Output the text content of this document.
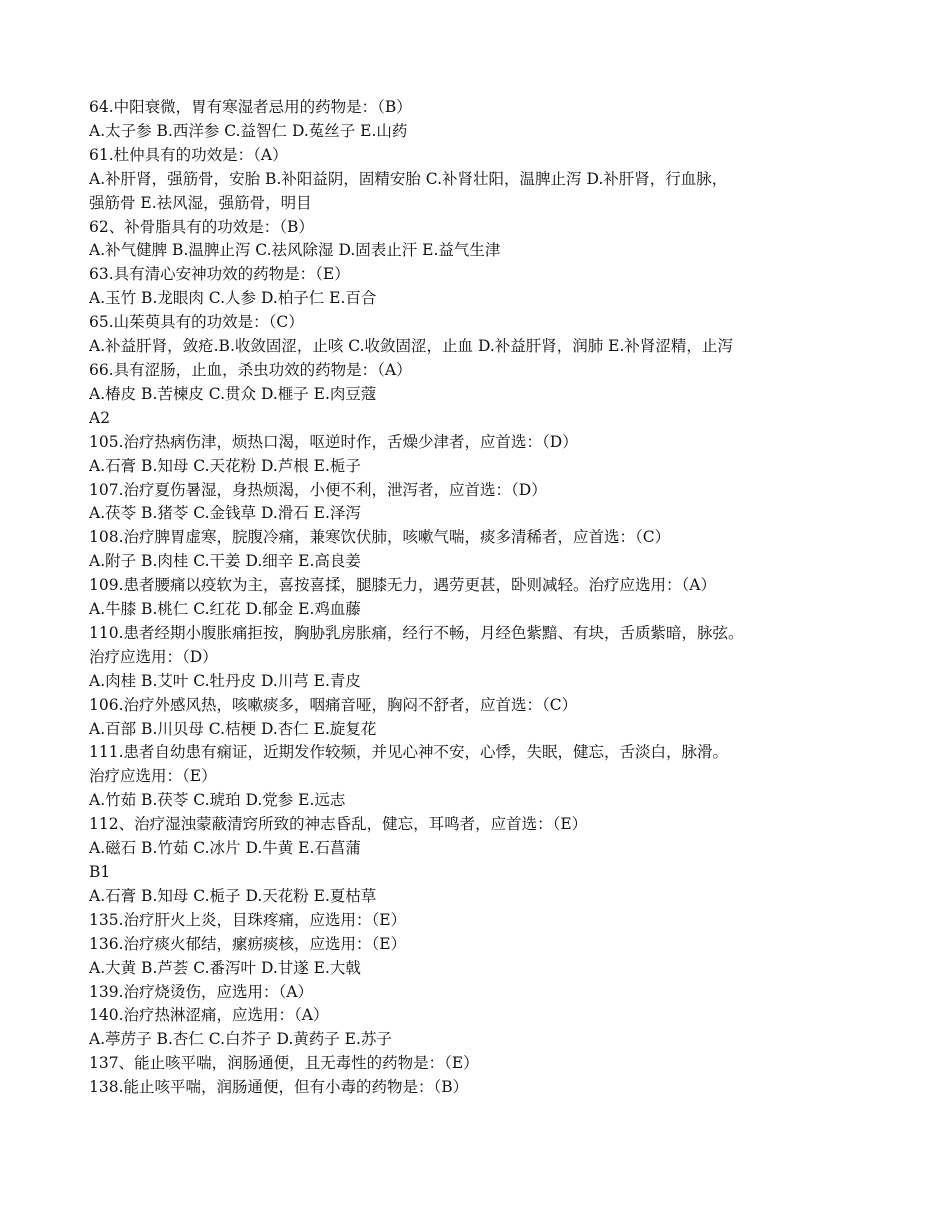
64.中阳衰微，胃有寒湿者忌用的药物是：（B）
A.太子参 B.西洋参 C.益智仁 D.菟丝子 E.山药
61.杜仲具有的功效是：（A）
A.补肝肾，强筋骨，安胎 B.补阳益阴，固精安胎 C.补肾壮阳，温脾止泻 D.补肝肾，行血脉，
强筋骨 E.祛风湿，强筋骨，明目
62、补骨脂具有的功效是：（B）
A.补气健脾 B.温脾止泻 C.祛风除湿 D.固表止汗 E.益气生津
63.具有清心安神功效的药物是：（E）
A.玉竹 B.龙眼肉 C.人参 D.柏子仁 E.百合
65.山茱萸具有的功效是：（C）
A.补益肝肾，敛疮.B.收敛固涩，止咳 C.收敛固涩，止血 D.补益肝肾，润肺 E.补肾涩精，止泻
66.具有涩肠，止血，杀虫功效的药物是：（A）
A.椿皮 B.苦楝皮 C.贯众 D.榧子 E.肉豆蔻
A2
105.治疗热病伤津，烦热口渴，呕逆时作，舌燥少津者，应首选：（D）
A.石膏 B.知母 C.天花粉 D.芦根 E.栀子
107.治疗夏伤暑湿，身热烦渴，小便不利，泄泻者，应首选：（D）
A.茯苓 B.猪苓 C.金钱草 D.滑石 E.泽泻
108.治疗脾胃虚寒，脘腹冷痛，兼寒饮伏肺，咳嗽气喘，痰多清稀者，应首选：（C）
A.附子 B.肉桂 C.干姜 D.细辛 E.高良姜
109.患者腰痛以疫软为主，喜按喜揉，腿膝无力，遇劳更甚，卧则减轻。治疗应选用：（A）
A.牛膝 B.桃仁 C.红花 D.郁金 E.鸡血藤
110.患者经期小腹胀痛拒按，胸胁乳房胀痛，经行不畅，月经色紫黯、有块，舌质紫暗，脉弦。
治疗应选用：（D）
A.肉桂 B.艾叶 C.牡丹皮 D.川芎 E.青皮
106.治疗外感风热，咳嗽痰多，咽痛音哑，胸闷不舒者，应首选：（C）
A.百部 B.川贝母 C.桔梗 D.杏仁 E.旋复花
111.患者自幼患有痫证，近期发作较频，并见心神不安，心悸，失眠，健忘，舌淡白，脉滑。
治疗应选用：（E）
A.竹茹 B.茯苓 C.琥珀 D.党参 E.远志
112、治疗湿浊蒙蔽清窍所致的神志昏乱，健忘，耳鸣者，应首选：（E）
A.磁石 B.竹茹 C.冰片 D.牛黄 E.石菖蒲
B1
A.石膏 B.知母 C.栀子 D.天花粉 E.夏枯草
135.治疗肝火上炎，目珠疼痛，应选用：（E）
136.治疗痰火郁结，瘰疬痰核，应选用：（E）
A.大黄 B.芦荟 C.番泻叶 D.甘遂 E.大戟
139.治疗烧烫伤，应选用：（A）
140.治疗热淋涩痛，应选用：（A）
A.葶苈子 B.杏仁 C.白芥子 D.黄药子 E.苏子
137、能止咳平喘，润肠通便，且无毒性的药物是：（E）
138.能止咳平喘，润肠通便，但有小毒的药物是：（B）
